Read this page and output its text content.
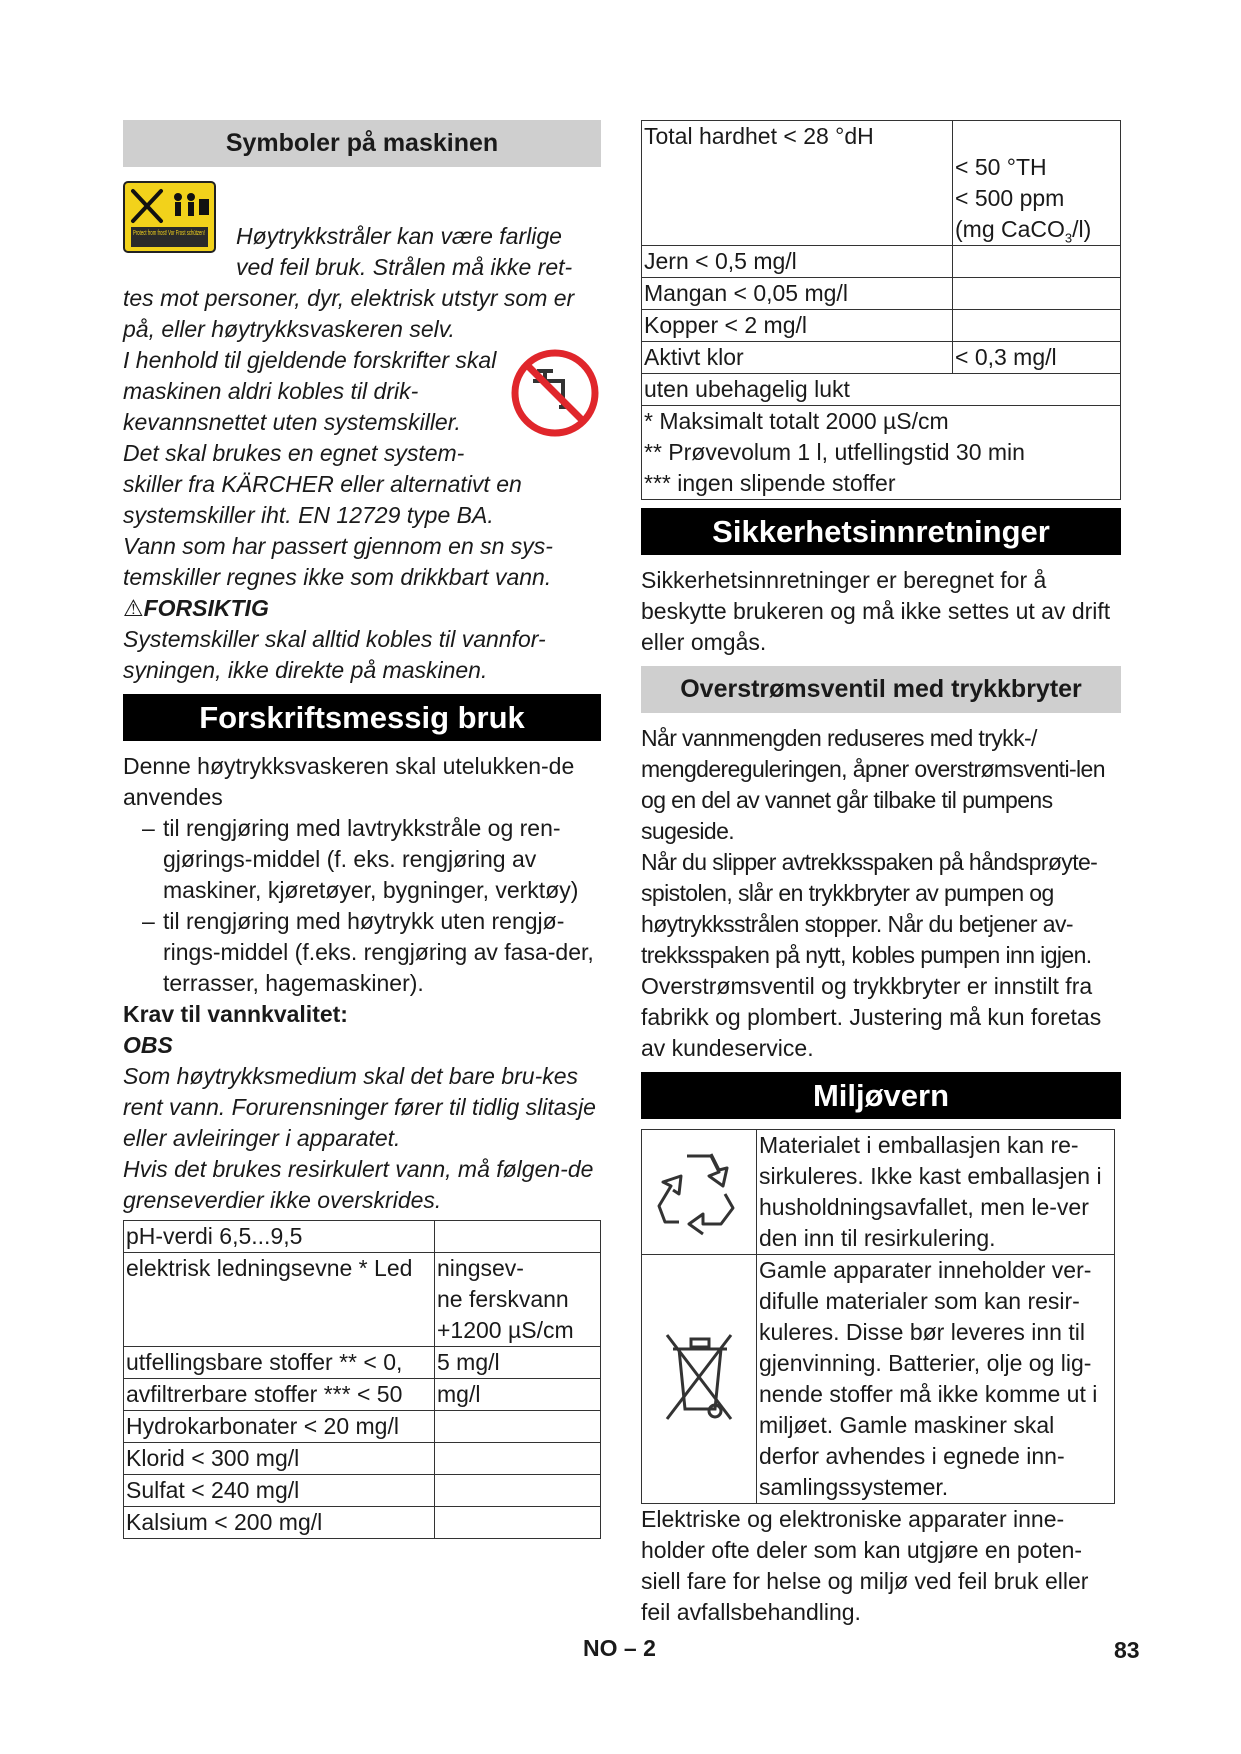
Symboler på maskinen
Protect from frost! Vor Frost schützen!	Høytrykkstråler kan være farlige ved feil bruk. Strålen må ikke ret-tes mot personer, dyr, elektrisk utstyr som er på, eller høytrykksvaskeren selv.

I henhold til gjeldende forskrifter skal maskinen aldri kobles til drik-kevannsnettet uten systemskiller. Det skal brukes en egnet system-skiller fra KÄRCHER eller alternativt en systemskiller iht. EN 12729 type BA.

Vann som har passert gjennom en sn sys-temskiller regnes ikke som drikkbart vann.

⚠FORSIKTIG

Systemskiller skal alltid kobles til vannfor-syningen, ikke direkte på maskinen.

Forskriftsmessig bruk

Denne høytrykksvaskeren skal utelukken-de anvendes

– til rengjøring med lavtrykkstråle og ren-gjørings-middel (f. eks. rengjøring av maskiner, kjøretøyer, bygninger, verktøy)

– til rengjøring med høytrykk uten rengjø-rings-middel (f.eks. rengjøring av fasa-der, terrasser, hagemaskiner).

Krav til vannkvalitet:

OBS

Som høytrykksmedium skal det bare bru-kes rent vann. Forurensninger fører til tidlig slitasje eller avleiringer i apparatet.

Hvis det brukes resirkulert vann, må følgen-de grenseverdier ikke overskrides.

pH-verdi 6,5...9,5	
elektrisk ledningsevne * Led	ningsev-
ne ferskvann
+1200 µS/cm
utfellingsbare stoffer ** < 0,	5 mg/l
avfiltrerbare stoffer *** < 50	mg/l
Hydrokarbonater < 20 mg/l	
Klorid < 300 mg/l	
Sulfat < 240 mg/l	
Kalsium < 200 mg/l	
Total hardhet < 28 °dH	< 50 °TH
< 500 ppm
(mg CaCO$_3$/l)
Jern < 0,5 mg/l	
Mangan < 0,05 mg/l	
Kopper < 2 mg/l	
Aktivt klor	< 0,3 mg/l
uten ubehagelig lukt	
* Maksimalt totalt 2000 µS/cm
** Prøvevolum 1 l, utfellingstid 30 min
*** ingen slipende stoffer	
Sikkerhetsinnretninger

Sikkerhetsinnretninger er beregnet for å beskytte brukeren og må ikke settes ut av drift eller omgås.

Overstrømsventil med trykkbryter

Når vannmengden reduseres med trykk-/ mengdereguleringen, åpner overstrømsventi-len og en del av vannet går tilbake til pumpens sugeside.

Når du slipper avtrekksspaken på håndsprøyte-spistolen, slår en trykkbryter av pumpen og høytrykksstrålen stopper. Når du betjener av-trekksspaken på nytt, kobles pumpen inn igjen.

Overstrømsventil og trykkbryter er innstilt fra fabrikk og plombert. Justering må kun foretas av kundeservice.

Miljøvern
	Materialet i emballasjen kan re-sirkuleres. Ikke kast emballasjen i husholdningsavfallet, men le-ver den inn til resirkulering.
	Gamle apparater inneholder ver-difulle materialer som kan resir-kuleres. Disse bør leveres inn til gjenvinning. Batterier, olje og lig-nende stoffer må ikke komme ut i miljøet. Gamle maskiner skal derfor avhendes i egnede inn-samlingssystemer.

Elektriske og elektroniske apparater inne-holder ofte deler som kan utgjøre en poten-siell fare for helse og miljø ved feil bruk eller feil avfallsbehandling.

NO – 2	83
